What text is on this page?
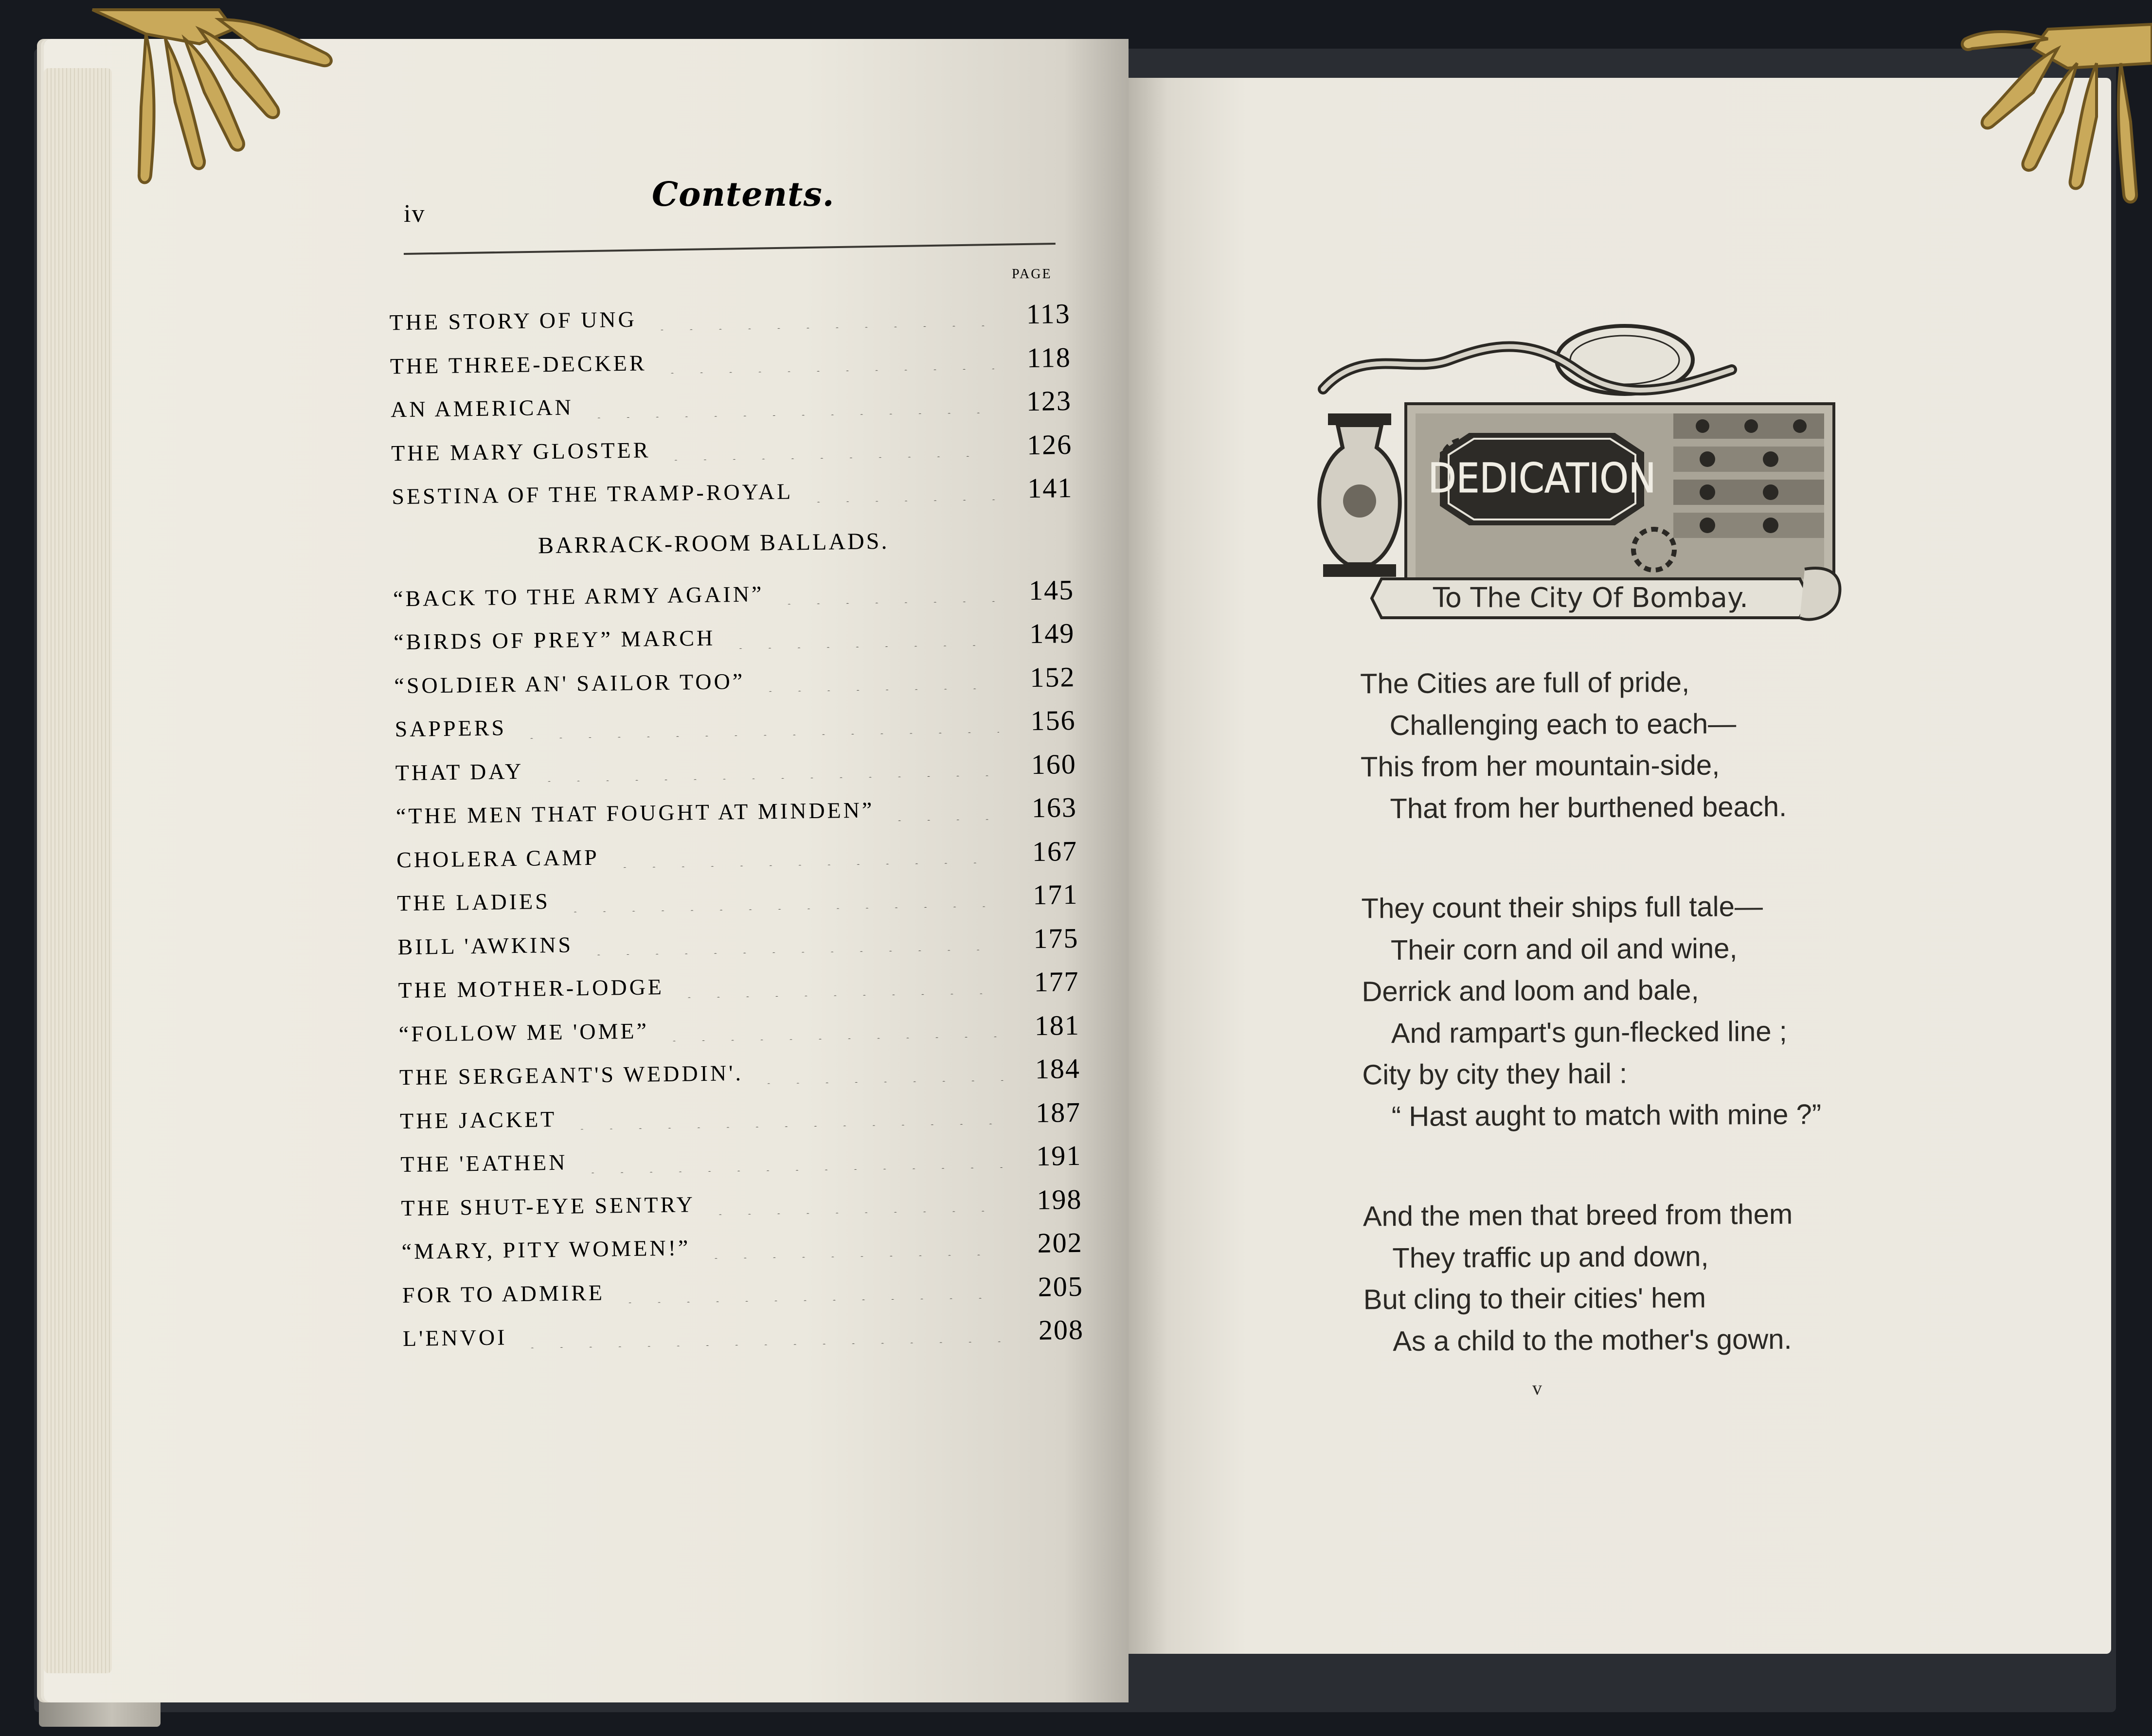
iv	Contents.
PAGE
THE STORY OF UNG	113
THE THREE-DECKER	118
AN AMERICAN	123
THE MARY GLOSTER	126
SESTINA OF THE TRAMP-ROYAL	141
BARRACK-ROOM BALLADS.
“BACK TO THE ARMY AGAIN”	145
“BIRDS OF PREY” MARCH	149
“SOLDIER AN' SAILOR TOO”	152
SAPPERS	156
THAT DAY	160
“THE MEN THAT FOUGHT AT MINDEN”	163
CHOLERA CAMP	167
THE LADIES	171
BILL 'AWKINS	175
THE MOTHER-LODGE	177
“FOLLOW ME 'OME”	181
THE SERGEANT'S WEDDIN'.	184
THE JACKET	187
THE 'EATHEN	191
THE SHUT-EYE SENTRY	198
“MARY, PITY WOMEN!”	202
FOR TO ADMIRE	205
L'ENVOI	208
DEDICATION
To The City Of Bombay.
The Cities are full of pride,
Challenging each to each—
This from her mountain-side,
That from her burthened beach.
They count their ships full tale—
Their corn and oil and wine,
Derrick and loom and bale,
And rampart's gun-flecked line ;
City by city they hail :
“ Hast aught to match with mine ?”
And the men that breed from them
They traffic up and down,
But cling to their cities' hem
As a child to the mother's gown.
v
